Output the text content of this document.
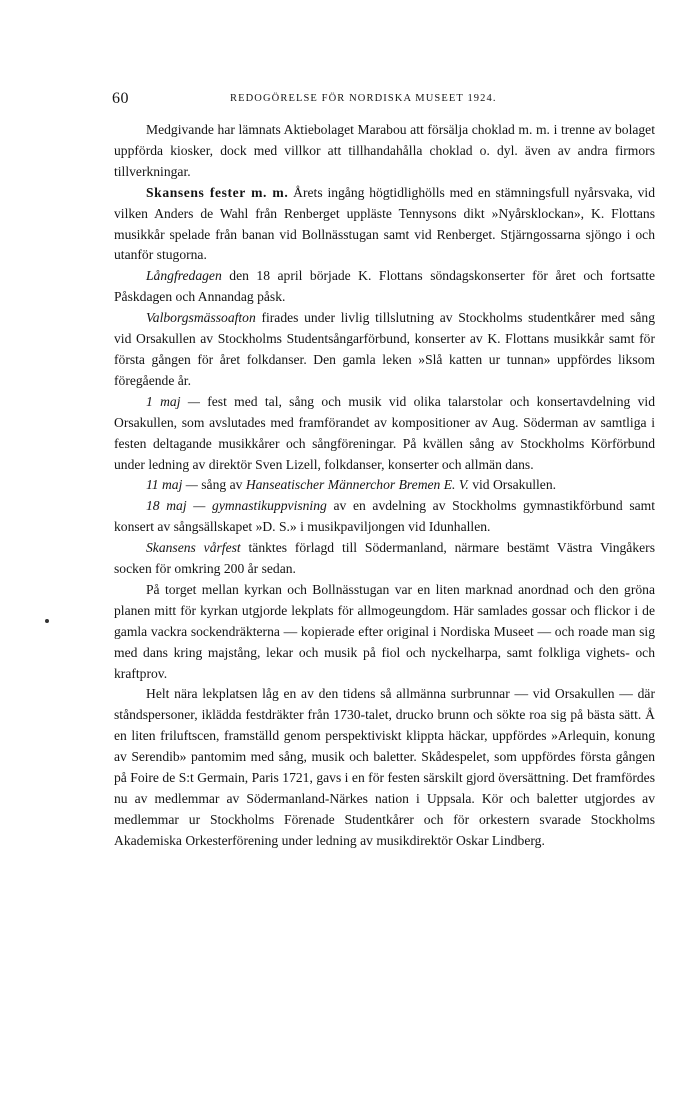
60	REDOGÖRELSE FÖR NORDISKA MUSEET 1924.

Medgivande har lämnats Aktiebolaget Marabou att försälja choklad m. m. i trenne av bolaget uppförda kiosker, dock med villkor att tillhandahålla choklad o. dyl. även av andra firmors tillverkningar.

Skansens fester m. m. Årets ingång högtidlighölls med en stämningsfull nyårsvaka, vid vilken Anders de Wahl från Renberget uppläste Tennysons dikt »Nyårsklockan», K. Flottans musikkår spelade från banan vid Bollnässtugan samt vid Renberget. Stjärngossarna sjöngo i och utanför stugorna.

Långfredagen den 18 april började K. Flottans söndagskonserter för året och fortsatte Påskdagen och Annandag påsk.

Valborgsmässoafton firades under livlig tillslutning av Stockholms studentkårer med sång vid Orsakullen av Stockholms Studentsångarförbund, konserter av K. Flottans musikkår samt för första gången för året folkdanser. Den gamla leken »Slå katten ur tunnan» uppfördes liksom föregående år.

1 maj — fest med tal, sång och musik vid olika talarstolar och konsertavdelning vid Orsakullen, som avslutades med framförandet av kompositioner av Aug. Söderman av samtliga i festen deltagande musikkårer och sångföreningar. På kvällen sång av Stockholms Körförbund under ledning av direktör Sven Lizell, folkdanser, konserter och allmän dans.

11 maj — sång av Hanseatischer Männerchor Bremen E. V. vid Orsakullen.

18 maj — gymnastikuppvisning av en avdelning av Stockholms gymnastikförbund samt konsert av sångsällskapet »D. S.» i musikpaviljongen vid Idunhallen.

Skansens vårfest tänktes förlagd till Södermanland, närmare bestämt Västra Vingåkers socken för omkring 200 år sedan.

På torget mellan kyrkan och Bollnässtugan var en liten marknad anordnad och den gröna planen mitt för kyrkan utgjorde lekplats för allmogeungdom. Här samlades gossar och flickor i de gamla vackra sockendräkterna — kopierade efter original i Nordiska Museet — och roade man sig med dans kring majstång, lekar och musik på fiol och nyckelharpa, samt folkliga vighets- och kraftprov.

Helt nära lekplatsen låg en av den tidens så allmänna surbrunnar — vid Orsakullen — där ståndspersoner, iklädda festdräkter från 1730-talet, drucko brunn och sökte roa sig på bästa sätt. Å en liten friluftscen, framställd genom perspektiviskt klippta häckar, uppfördes »Arlequin, konung av Serendib» pantomim med sång, musik och baletter. Skådespelet, som uppfördes första gången på Foire de S:t Germain, Paris 1721, gavs i en för festen särskilt gjord översättning. Det framfördes nu av medlemmar av Södermanland-Närkes nation i Uppsala. Kör och baletter utgjordes av medlemmar ur Stockholms Förenade Studentkårer och för orkestern svarade Stockholms Akademiska Orkesterförening under ledning av musikdirektör Oskar Lindberg.
